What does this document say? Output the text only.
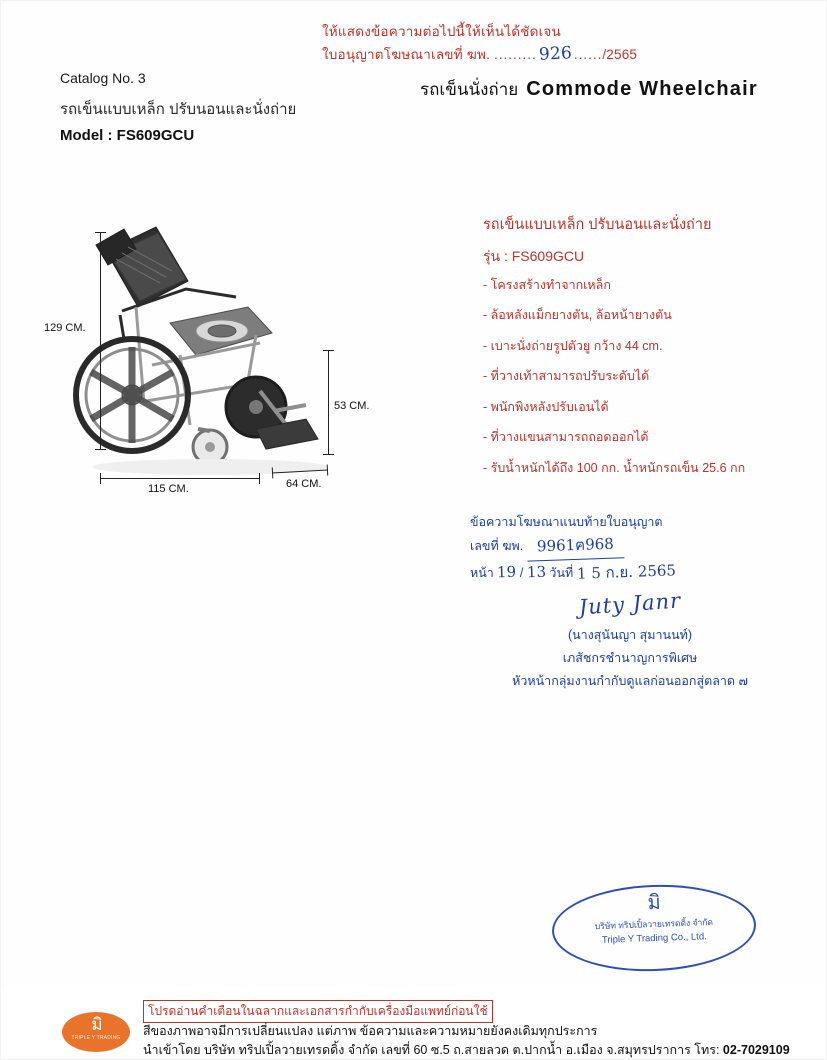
ให้แสดงข้อความต่อไปนี้ให้เห็นได้ชัดเจน
ใบอนุญาตโฆษณาเลขที่ ฆพ. .........926 ....../2565
Catalog No. 3
รถเข็นแบบเหล็ก ปรับนอนและนั่งถ่าย
Model : FS609GCU
รถเข็นนั่งถ่าย Commode Wheelchair
129 CM.
53 CM.
115 CM.	64 CM.
รถเข็นแบบเหล็ก ปรับนอนและนั่งถ่าย
รุ่น : FS609GCU
- โครงสร้างทำจากเหล็ก
- ล้อหลังแม็กยางตัน, ล้อหน้ายางตัน
- เบาะนั่งถ่ายรูปตัวยู กว้าง 44 cm.
- ที่วางเท้าสามารถปรับระดับได้
- พนักพิงหลังปรับเอนได้
- ที่วางแขนสามารถถอดออกได้
- รับน้ำหนักได้ถึง 100 กก. น้ำหนักรถเข็น 25.6 กก
ข้อความโฆษณาแนบท้ายใบอนุญาต
เลขที่ ฆพ. 9961ฅ968
หน้า 19 / 13 วันที่ 1 5 ก.ย. 2565
Juty Janr
(นางสุนันญา สุมานนท์)
เภสัชกรชำนาญการพิเศษ
หัวหน้ากลุ่มงานกำกับดูแลก่อนออกสู่ตลาด ๗
มิ
บริษัท ทริปเปิ้ลวายเทรดดิ้ง จำกัด
Triple Y Trading Co., Ltd.
มิ
TRIPLE Y TRADING
โปรดอ่านคำเตือนในฉลากและเอกสารกำกับเครื่องมือแพทย์ก่อนใช้
สีของภาพอาจมีการเปลี่ยนแปลง แต่ภาพ ข้อความและความหมายยังคงเดิมทุกประการ
นำเข้าโดย บริษัท ทริปเปิ้ลวายเทรดดิ้ง จำกัด เลขที่ 60 ซ.5 ถ.สายลวด ต.ปากน้ำ อ.เมือง จ.สมุทรปราการ โทร: 02-7029109
